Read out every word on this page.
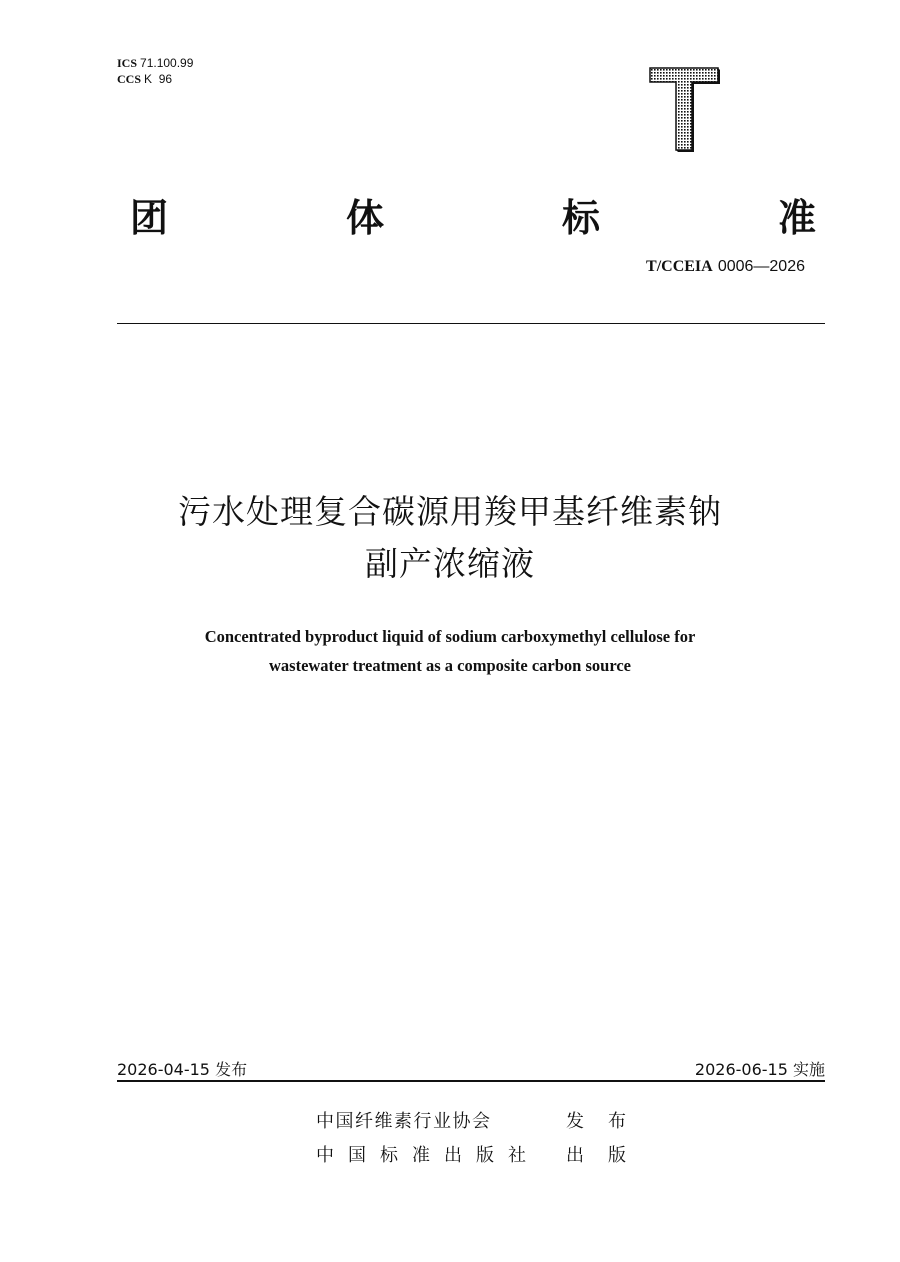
ICS 71.100.99
CCS K  96
T
团	体	标	准
T/CCEIA 0006—2026
污水处理复合碳源用羧甲基纤维素钠
副产浓缩液
Concentrated byproduct liquid of sodium carboxymethyl cellulose for
wastewater treatment as a composite carbon source
2026-04-15 发布	2026-06-15 实施
中国纤维素行业协会	发 布
中 国 标 准 出 版 社 出 版
